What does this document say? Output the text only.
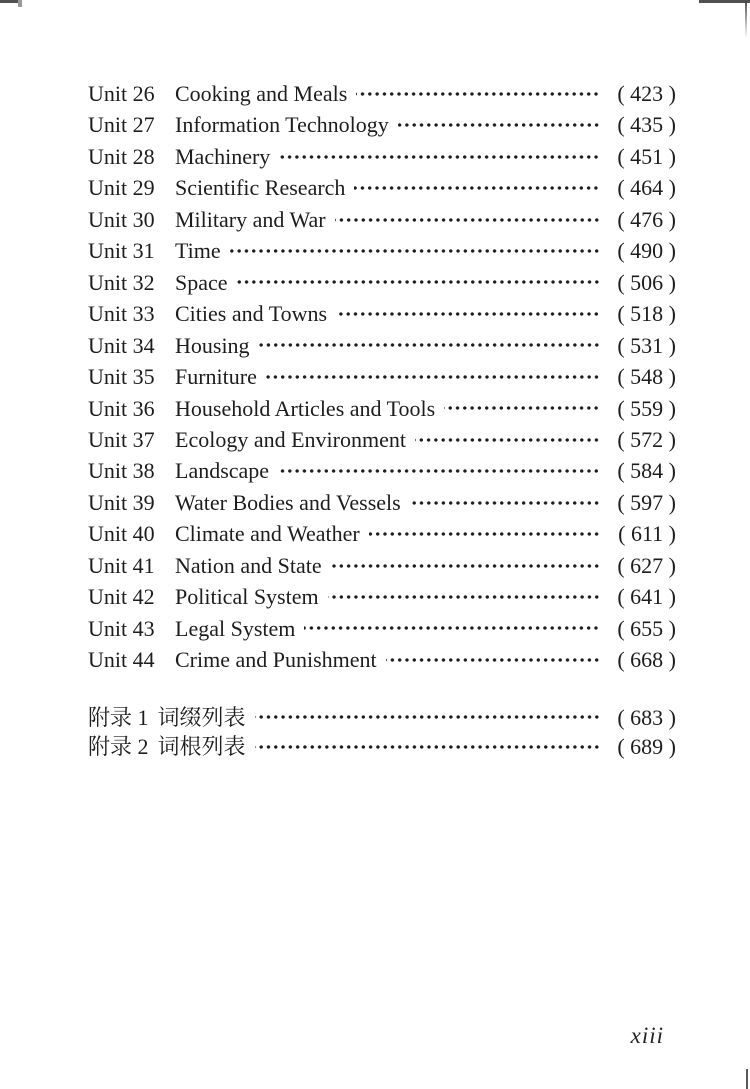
Unit 26 Cooking and Meals	( 423 )
Unit 27 Information Technology	( 435 )
Unit 28 Machinery	( 451 )
Unit 29 Scientific Research	( 464 )
Unit 30 Military and War	( 476 )
Unit 31 Time	( 490 )
Unit 32 Space	( 506 )
Unit 33 Cities and Towns	( 518 )
Unit 34 Housing	( 531 )
Unit 35 Furniture	( 548 )
Unit 36 Household Articles and Tools	( 559 )
Unit 37 Ecology and Environment	( 572 )
Unit 38 Landscape	( 584 )
Unit 39 Water Bodies and Vessels	( 597 )
Unit 40 Climate and Weather	( 611 )
Unit 41 Nation and State	( 627 )
Unit 42 Political System	( 641 )
Unit 43 Legal System	( 655 )
Unit 44 Crime and Punishment	( 668 )
附录 1 词缀列表	( 683 )
附录 2 词根列表	( 689 )
xiii
